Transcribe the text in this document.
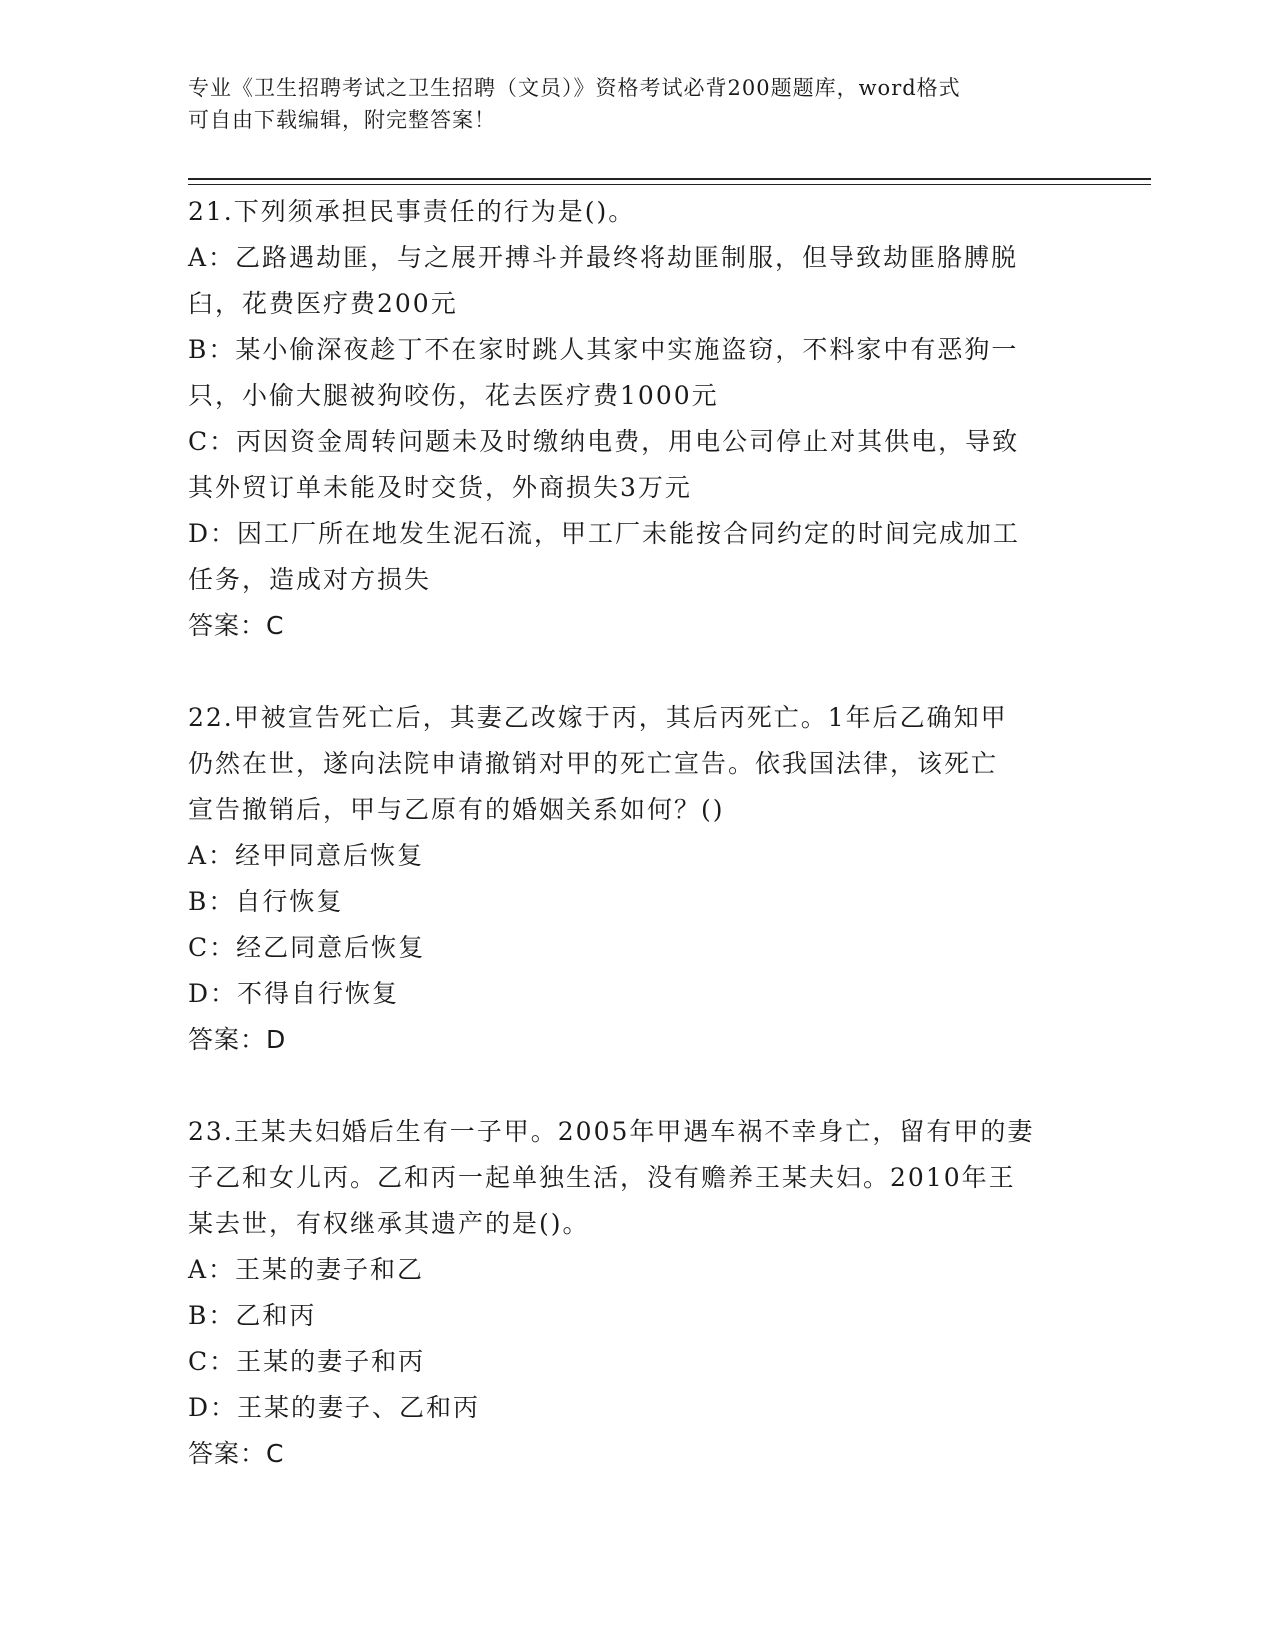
专业《卫生招聘考试之卫生招聘（文员）》资格考试必背200题题库，word格式
可自由下载编辑，附完整答案！
21.下列须承担民事责任的行为是()。
A：乙路遇劫匪，与之展开搏斗并最终将劫匪制服，但导致劫匪胳膊脱
臼，花费医疗费200元
B：某小偷深夜趁丁不在家时跳人其家中实施盗窃，不料家中有恶狗一
只，小偷大腿被狗咬伤，花去医疗费1000元
C：丙因资金周转问题未及时缴纳电费，用电公司停止对其供电，导致
其外贸订单未能及时交货，外商损失3万元
D：因工厂所在地发生泥石流，甲工厂未能按合同约定的时间完成加工
任务，造成对方损失
答案：C
22.甲被宣告死亡后，其妻乙改嫁于丙，其后丙死亡。1年后乙确知甲
仍然在世，遂向法院申请撤销对甲的死亡宣告。依我国法律，该死亡
宣告撤销后，甲与乙原有的婚姻关系如何？()
A：经甲同意后恢复
B：自行恢复
C：经乙同意后恢复
D：不得自行恢复
答案：D
23.王某夫妇婚后生有一子甲。2005年甲遇车祸不幸身亡，留有甲的妻
子乙和女儿丙。乙和丙一起单独生活，没有赡养王某夫妇。2010年王
某去世，有权继承其遗产的是()。
A：王某的妻子和乙
B：乙和丙
C：王某的妻子和丙
D：王某的妻子、乙和丙
答案：C
